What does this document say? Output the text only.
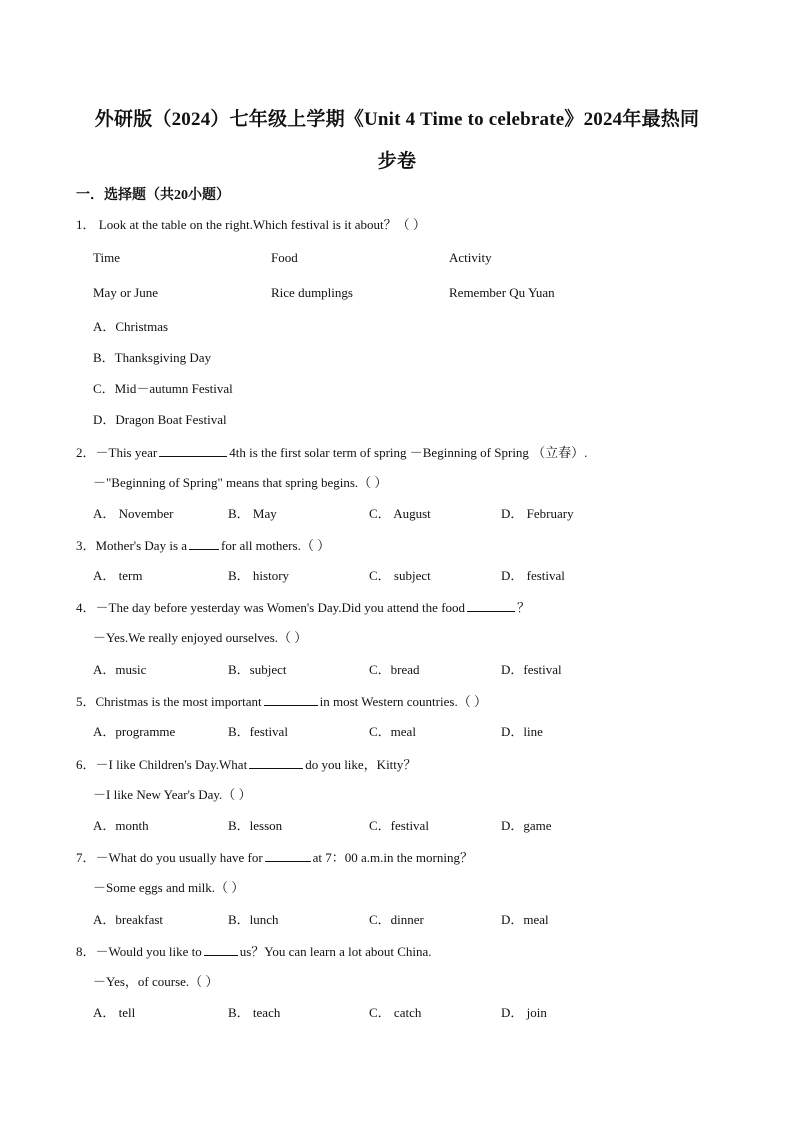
外研版（2024）七年级上学期《Unit 4 Time to celebrate》2024年最热同
步卷
一．选择题（共20小题）
1． Look at the table on the right.Which festival is it about？（ ）
Time	Food	Activity
May or June	Rice dumplings	Remember Qu Yuan
A．Christmas
B．Thanksgiving Day
C．Mid－autumn Festival
D．Dragon Boat Festival
2．－This year	4th is the first solar term of spring －Beginning of Spring （立春）.
－"Beginning of Spring" means that spring begins.（ ）
A． November	B． May	C． August	D． February
3．Mother's Day is a	for all mothers.（ ）
A． term	B． history	C． subject	D． festival
4．－The day before yesterday was Women's Day.Did you attend the food	？
－Yes.We really enjoyed ourselves.（ ）
A．music	B．subject	C．bread	D．festival
5．Christmas is the most important	in most Western countries.（ ）
A．programme	B．festival	C．meal	D．line
6．－I like Children's Day.What	do you like，Kitty？
－I like New Year's Day.（ ）
A．month	B．lesson	C．festival	D．game
7．－What do you usually have for	at 7：00 a.m.in the morning？
－Some eggs and milk.（ ）
A．breakfast	B．lunch	C．dinner	D．meal
8．－Would you like to	us？You can learn a lot about China.
－Yes，of course.（ ）
A． tell	B． teach	C． catch	D． join
